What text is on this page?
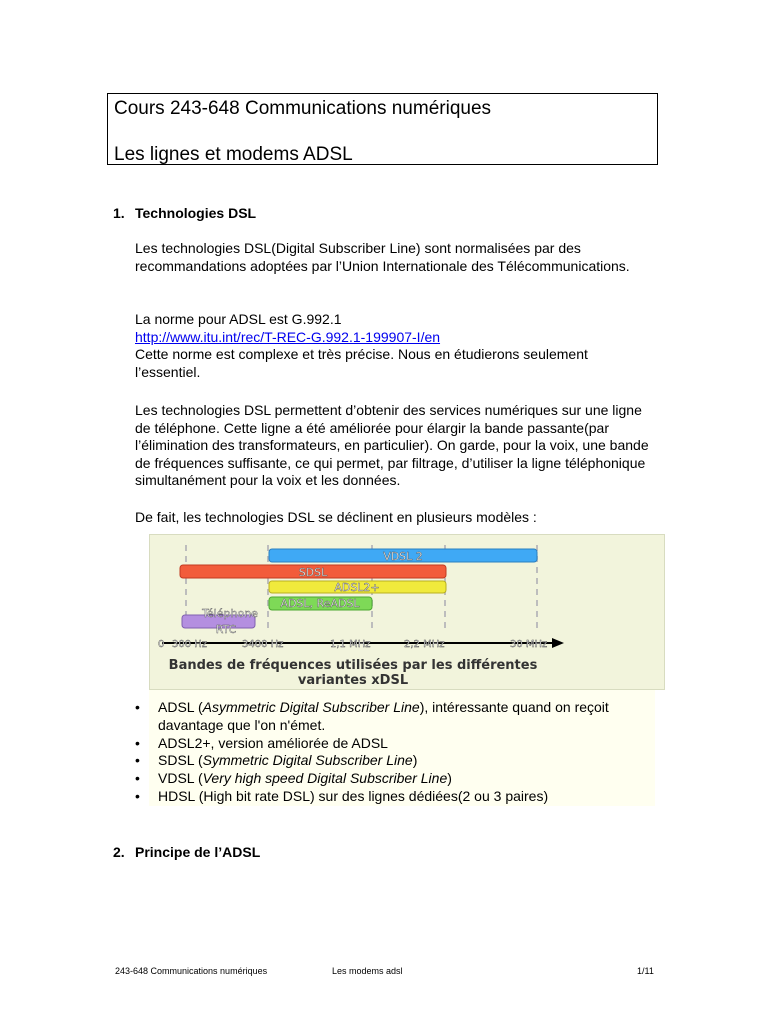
Cours 243-648 Communications numériques

Les lignes et modems ADSL

1. Technologies DSL

Les technologies DSL(Digital Subscriber Line) sont normalisées par des recommandations adoptées par l’Union Internationale des Télécommunications.

La norme pour ADSL est G.992.1

http://www.itu.int/rec/T-REC-G.992.1-199907-I/en

Cette norme est complexe et très précise. Nous en étudierons seulement l’essentiel.

Les technologies DSL permettent d’obtenir des services numériques sur une ligne de téléphone. Cette ligne a été améliorée pour élargir la bande passante(par l’élimination des transformateurs, en particulier). On garde, pour la voix, une bande de fréquences suffisante, ce qui permet, par filtrage, d’utiliser la ligne téléphonique simultanément pour la voix et les données.

De fait, les technologies DSL se déclinent en plusieurs modèles :

VDSL 2
SDSL
ADSL2+
ADSL, ReADSL
Téléphone
RTC
0 300 Hz	3400 Hz	1,1 MHz	2,2 MHz	30 MHz
Bandes de fréquences utilisées par les différentes
variantes xDSL
• ADSL (Asymmetric Digital Subscriber Line), intéressante quand on reçoit davantage que l'on n'émet.
• ADSL2+, version améliorée de ADSL
• SDSL (Symmetric Digital Subscriber Line)
• VDSL (Very high speed Digital Subscriber Line)
• HDSL (High bit rate DSL) sur des lignes dédiées(2 ou 3 paires)
2. Principe de l’ADSL
243-648 Communications numériques	Les modems adsl	1/11
